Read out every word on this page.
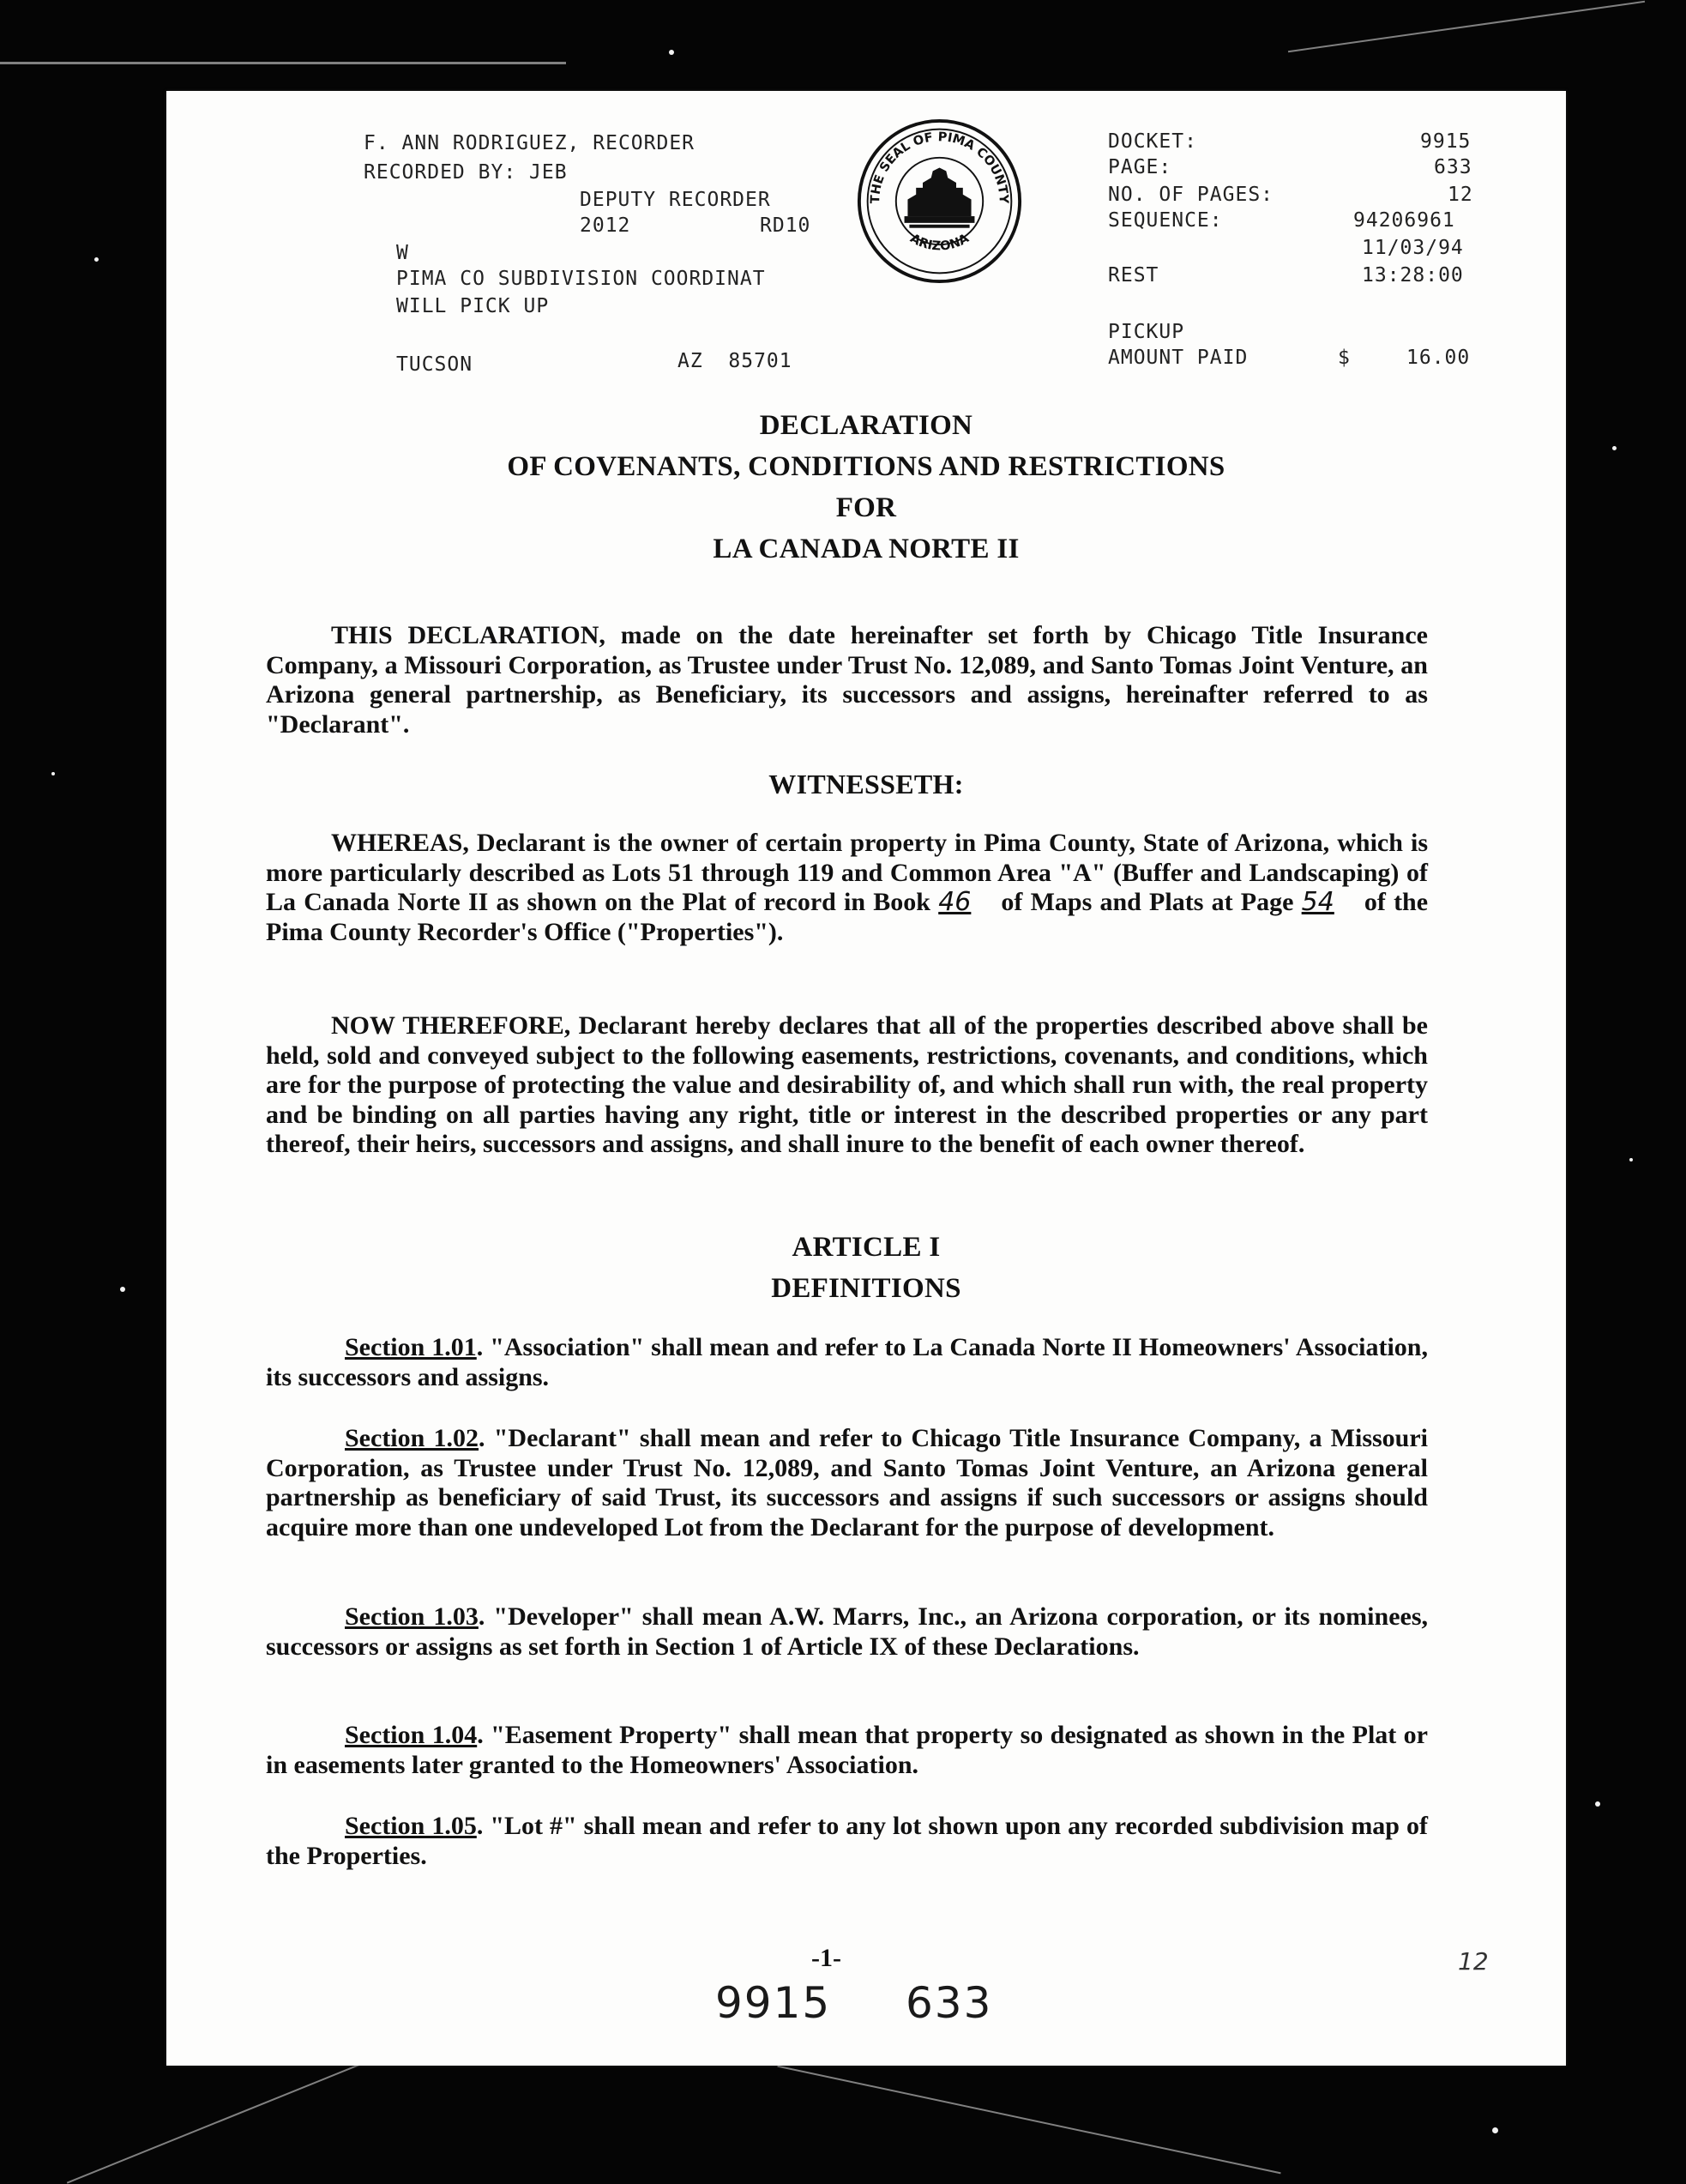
F. ANN RODRIGUEZ, RECORDER
RECORDED BY: JEB
DEPUTY RECORDER
2012	RD10
W
PIMA CO SUBDIVISION COORDINAT
WILL PICK UP
TUCSON	AZ  85701
THE SEAL OF PIMA COUNTY
ARIZONA
DOCKET:	9915
PAGE:	633
NO. OF PAGES:	12
SEQUENCE:	94206961
11/03/94
REST	13:28:00
PICKUP
AMOUNT PAID	$	16.00
DECLARATION
OF COVENANTS, CONDITIONS AND RESTRICTIONS
FOR
LA CANADA NORTE II
THIS DECLARATION, made on the date hereinafter set forth by Chicago Title Insurance Company, a Missouri Corporation, as Trustee under Trust No. 12,089, and Santo Tomas Joint Venture, an Arizona general partnership, as Beneficiary, its successors and assigns, hereinafter referred to as "Declarant".
WITNESSETH:
WHEREAS, Declarant is the owner of certain property in Pima County, State of Arizona, which is more particularly described as Lots 51 through 119 and Common Area "A" (Buffer and Landscaping) of La Canada Norte II as shown on the Plat of record in Book 46 of Maps and Plats at Page 54 of the Pima County Recorder's Office ("Properties").
NOW THEREFORE, Declarant hereby declares that all of the properties described above shall be held, sold and conveyed subject to the following easements, restrictions, covenants, and conditions, which are for the purpose of protecting the value and desirability of, and which shall run with, the real property and be binding on all parties having any right, title or interest in the described properties or any part thereof, their heirs, successors and assigns, and shall inure to the benefit of each owner thereof.
ARTICLE I
DEFINITIONS
Section 1.01. "Association" shall mean and refer to La Canada Norte II Homeowners' Association, its successors and assigns.
Section 1.02. "Declarant" shall mean and refer to Chicago Title Insurance Company, a Missouri Corporation, as Trustee under Trust No. 12,089, and Santo Tomas Joint Venture, an Arizona general partnership as beneficiary of said Trust, its successors and assigns if such successors or assigns should acquire more than one undeveloped Lot from the Declarant for the purpose of development.
Section 1.03. "Developer" shall mean A.W. Marrs, Inc., an Arizona corporation, or its nominees, successors or assigns as set forth in Section 1 of Article IX of these Declarations.
Section 1.04. "Easement Property" shall mean that property so designated as shown in the Plat or in easements later granted to the Homeowners' Association.
Section 1.05. "Lot #" shall mean and refer to any lot shown upon any recorded subdivision map of the Properties.
-1-
9915 633
12
